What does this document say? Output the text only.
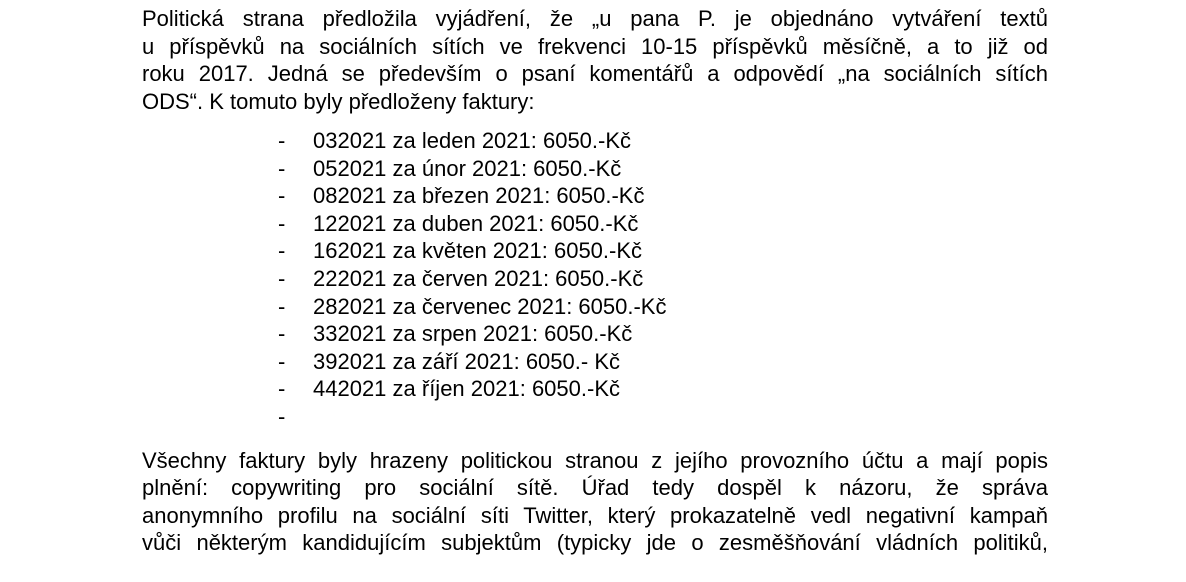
Politická strana předložila vyjádření, že „u pana P. je objednáno vytváření textů
u příspěvků na sociálních sítích ve frekvenci 10-15 příspěvků měsíčně, a to již od
roku 2017. Jedná se především o psaní komentářů a odpovědí „na sociálních sítích
ODS“. K tomuto byly předloženy faktury:

- 032021 za leden 2021: 6050.-Kč
- 052021 za únor 2021: 6050.-Kč
- 082021 za březen 2021: 6050.-Kč
- 122021 za duben 2021: 6050.-Kč
- 162021 za květen 2021: 6050.-Kč
- 222021 za červen 2021: 6050.-Kč
- 282021 za červenec 2021: 6050.-Kč
- 332021 za srpen 2021: 6050.-Kč
- 392021 za září 2021: 6050.- Kč
- 442021 za říjen 2021: 6050.-Kč
-

Všechny faktury byly hrazeny politickou stranou z jejího provozního účtu a mají popis
plnění: copywriting pro sociální sítě. Úřad tedy dospěl k názoru, že správa
anonymního profilu na sociální síti Twitter, který prokazatelně vedl negativní kampaň
vůči některým kandidujícím subjektům (typicky jde o zesměšňování vládních politiků,
